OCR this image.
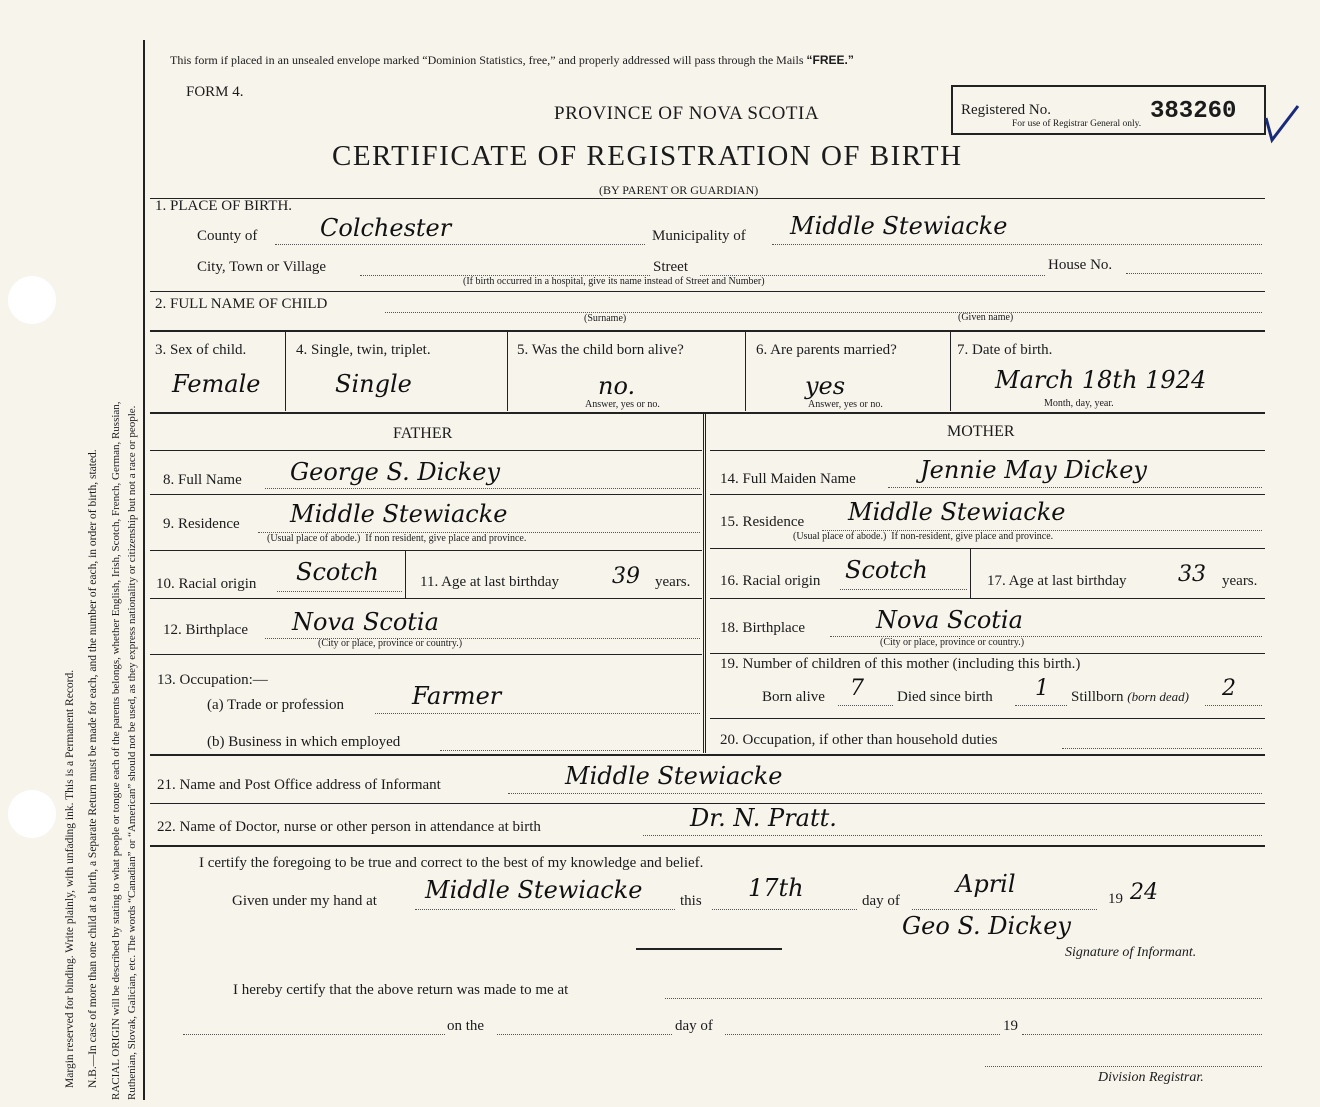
Margin reserved for binding. Write plainly, with unfading ink. This is a Permanent Record. N.B.—In case of more than one child at a birth, a Separate Return must be made for each, and the number of each, in order of birth, stated. RACIAL ORIGIN will be described by stating to what people or tongue each of the parents belongs, whether English, Irish, Scotch, French, German, Russian, Ruthenian, Slovak, Galician, etc. The words “Canadian” or “American” should not be used, as they express nationality or citizenship but not a race or people.
This form if placed in an unsealed envelope marked “Dominion Statistics, free,” and properly addressed will pass through the Mails “FREE.”
FORM 4.
PROVINCE OF NOVA SCOTIA
CERTIFICATE OF REGISTRATION OF BIRTH
(BY PARENT OR GUARDIAN)
Registered No.	383260
For use of Registrar General only.
1. PLACE OF BIRTH.
County of	Colchester	Municipality of Middle Stewiacke
City, Town or Village	Street	House No.
(If birth occurred in a hospital, give its name instead of Street and Number)
2. FULL NAME OF CHILD
(Surname)	(Given name)
3. Sex of child.
Female
4. Single, twin, triplet.
Single
5. Was the child born alive?
no.
Answer, yes or no.
6. Are parents married?
yes
Answer, yes or no.
7. Date of birth.
March 18th 1924
Month, day, year.
FATHER	MOTHER
8. Full Name George S. Dickey
9. Residence Middle Stewiacke
(Usual place of abode.) If non resident, give place and province.
10. Racial origin Scotch	11. Age at last birthday 39 years.
12. Birthplace Nova Scotia
(City or place, province or country.)
13. Occupation:—
(a) Trade or profession	Farmer
(b) Business in which employed
14. Full Maiden Name	Jennie May Dickey
15. Residence Middle Stewiacke
(Usual place of abode.) If non-resident, give place and province.
16. Racial origin Scotch	17. Age at last birthday 33 years.
18. Birthplace	Nova Scotia
(City or place, province or country.)
19. Number of children of this mother (including this birth.)
Born alive 7 Died since birth 1 Stillborn (born dead) 2
20. Occupation, if other than household duties
21. Name and Post Office address of Informant	Middle Stewiacke
22. Name of Doctor, nurse or other person in attendance at birth	Dr. N. Pratt.
I certify the foregoing to be true and correct to the best of my knowledge and belief.
Given under my hand at Middle Stewiacke	this 17th	day of
April
19 24
Geo S. Dickey
Signature of Informant.
I hereby certify that the above return was made to me at
on the	day of	19
Division Registrar.
